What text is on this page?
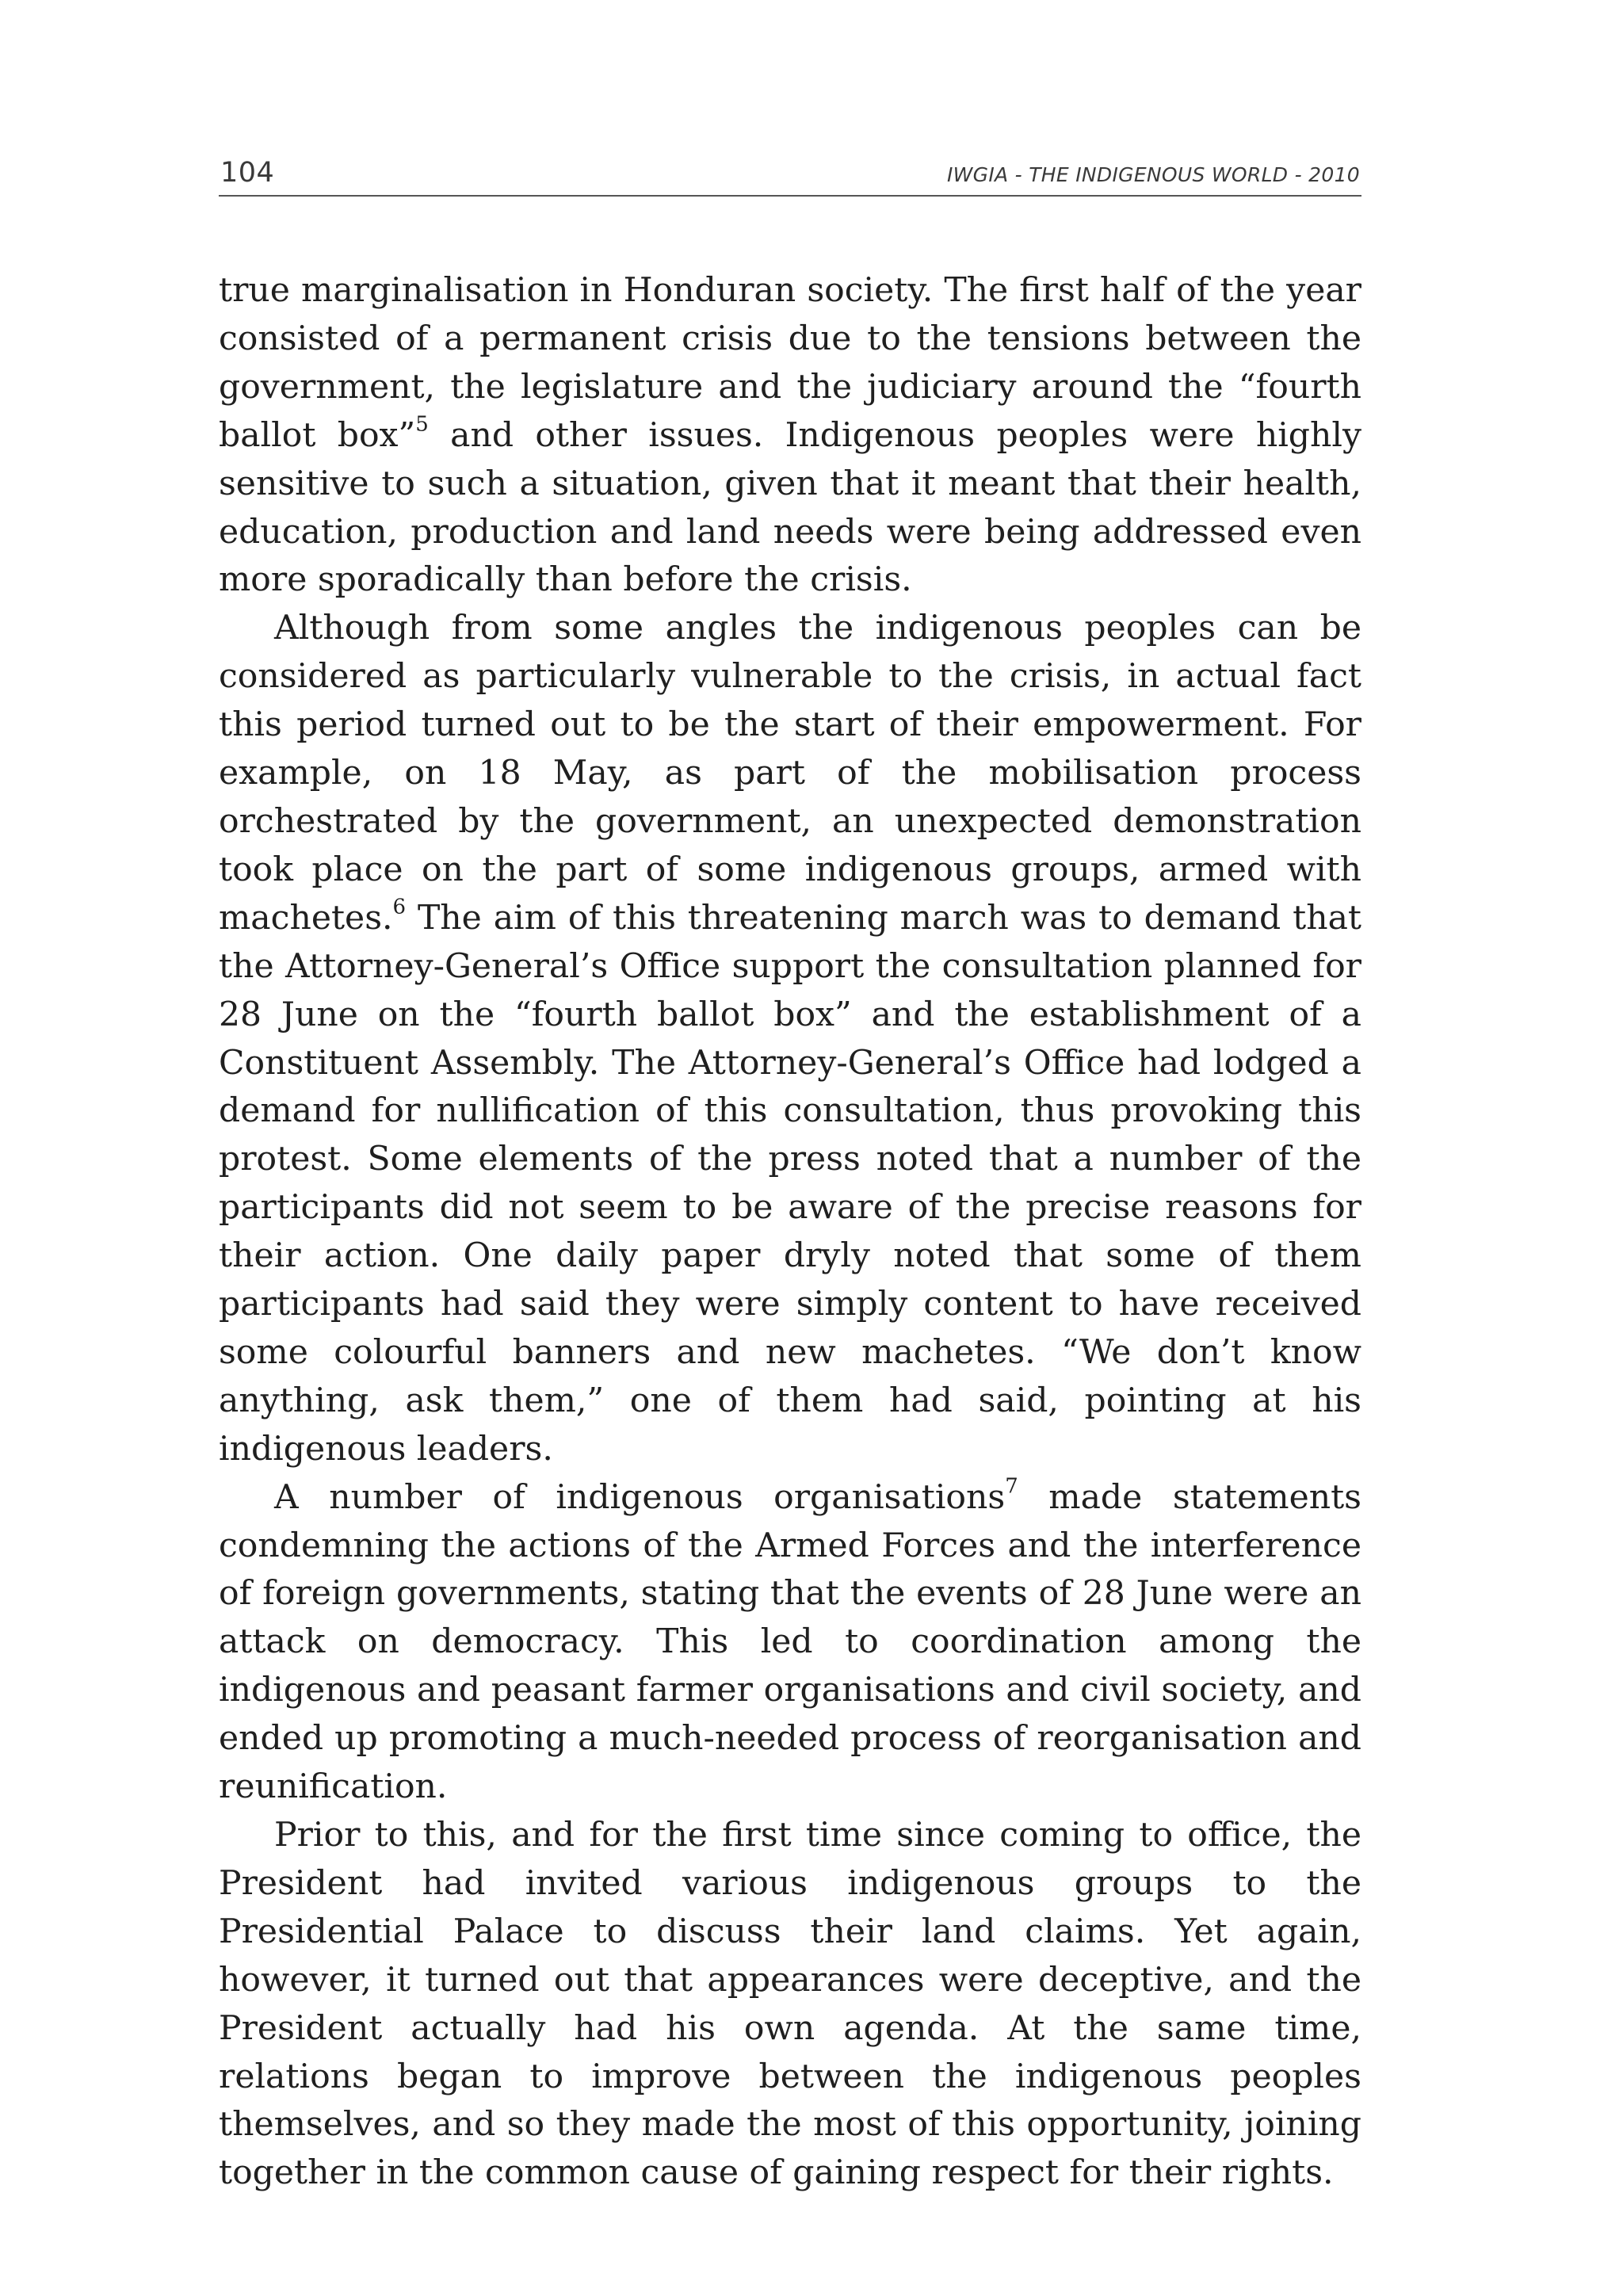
104	IWGIA - THE INDIGENOUS WORLD - 2010

true marginalisation in Honduran society. The first half of the year consisted of a permanent crisis due to the tensions between the government, the legislature and the judiciary around the “fourth ballot box”$^5$ and other issues. Indigenous peoples were highly sensitive to such a situation, given that it meant that their health, education, production and land needs were being addressed even more sporadically than before the crisis.

Although from some angles the indigenous peoples can be considered as particularly vulnerable to the crisis, in actual fact this period turned out to be the start of their empowerment. For example, on 18 May, as part of the mobilisation process orchestrated by the government, an unexpected demonstration took place on the part of some indigenous groups, armed with machetes.$^6$ The aim of this threatening march was to demand that the Attorney-General’s Office support the consultation planned for 28 June on the “fourth ballot box” and the establishment of a Constituent Assembly. The Attorney-General’s Office had lodged a demand for nullification of this consultation, thus provoking this protest. Some elements of the press noted that a number of the participants did not seem to be aware of the precise reasons for their action. One daily paper dryly noted that some of them participants had said they were simply content to have received some colourful banners and new machetes. “We don’t know anything, ask them,” one of them had said, pointing at his indigenous leaders.

A number of indigenous organisations$^7$ made statements condemning the actions of the Armed Forces and the interference of foreign governments, stating that the events of 28 June were an attack on democracy. This led to coordination among the indigenous and peasant farmer organisations and civil society, and ended up promoting a much-needed process of reorganisation and reunification.

Prior to this, and for the first time since coming to office, the President had invited various indigenous groups to the Presidential Palace to discuss their land claims. Yet again, however, it turned out that appearances were deceptive, and the President actually had his own agenda. At the same time, relations began to improve between the indigenous peoples themselves, and so they made the most of this opportunity, joining together in the common cause of gaining respect for their rights.
